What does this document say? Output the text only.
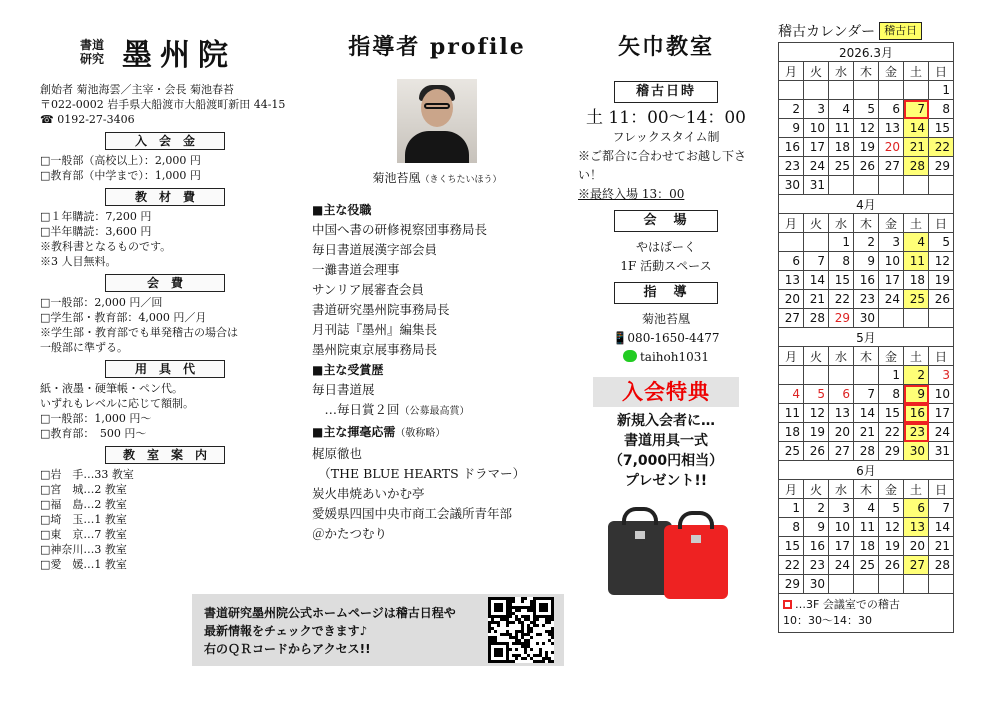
書道研究 墨州院
創始者 菊池海雲／主宰・会長 菊池春苔
〒022-0002 岩手県大船渡市大船渡町新田 44-15
☎ 0192-27-3406
入会金
□一般部（高校以上）：2,000 円
□教育部（中学まで）：1,000 円
教材費
□１年購読：7,200 円
□半年購読：3,600 円
※教科書となるものです。
※3 人目無料。
会費
□一般部：2,000 円／回
□学生部・教育部：4,000 円／月
※学生部・教育部でも単発稽古の場合は
一般部に準ずる。
用具代
紙・液墨・硬筆帳・ペン代。
いずれもレベルに応じて額制。
□一般部：1,000 円～
□教育部：　500 円～
教室案内
□岩　手…33 教室
□宮　城…2 教室
□福　島…2 教室
□埼　玉…1 教室
□東　京…7 教室
□神奈川…3 教室
□愛　媛…1 教室
指導者 profile
菊池苔凰（きくちたいほう）
■主な役職
中国へ書の研修視察団事務局長
毎日書道展漢字部会員
一灘書道会理事
サンリア展審査会員
書道研究墨州院事務局長
月刊誌『墨州』編集長
墨州院東京展事務局長
■主な受賞歴
毎日書道展
　…毎日賞２回（公募最高賞）
■主な揮毫応需（敬称略）
梶原徹也
　（THE BLUE HEARTS ドラマー）
炭火串焼あいかむ亭
愛媛県四国中央市商工会議所青年部
＠かたつむり
矢巾教室
稽古日時
土 11：00～14：00
フレックスタイム制
※ご都合に合わせてお越し下さい！
※最終入場 13：00
会　場
やはぱーく
1F 活動スペース
指　導
菊池苔凰
📱080-1650-4477
taihoh1031
入会特典
新規入会者に…
書道用具一式
（7,000円相当）
プレゼント!!
稽古カレンダー 稽古日
2026.3月						
月	火	水	木	金	土	日
						1
2	3	4	5	6	7	8
9	10	11	12	13	14	15
16	17	18	19	20	21	22
23	24	25	26	27	28	29
30	31					
4月						
月	火	水	木	金	土	日
		1	2	3	4	5
6	7	8	9	10	11	12
13	14	15	16	17	18	19
20	21	22	23	24	25	26
27	28	29	30			
5月						
月	火	水	木	金	土	日
				1	2	3
4	5	6	7	8	9	10
11	12	13	14	15	16	17
18	19	20	21	22	23	24
25	26	27	28	29	30	31
6月						
月	火	水	木	金	土	日
1	2	3	4	5	6	7
8	9	10	11	12	13	14
15	16	17	18	19	20	21
22	23	24	25	26	27	28
29	30					
…3F 会議室での稽古
10：30～14：30
書道研究墨州院公式ホームページは稽古日程や
最新情報をチェックできます♪
右のＱＲコードからアクセス!!
